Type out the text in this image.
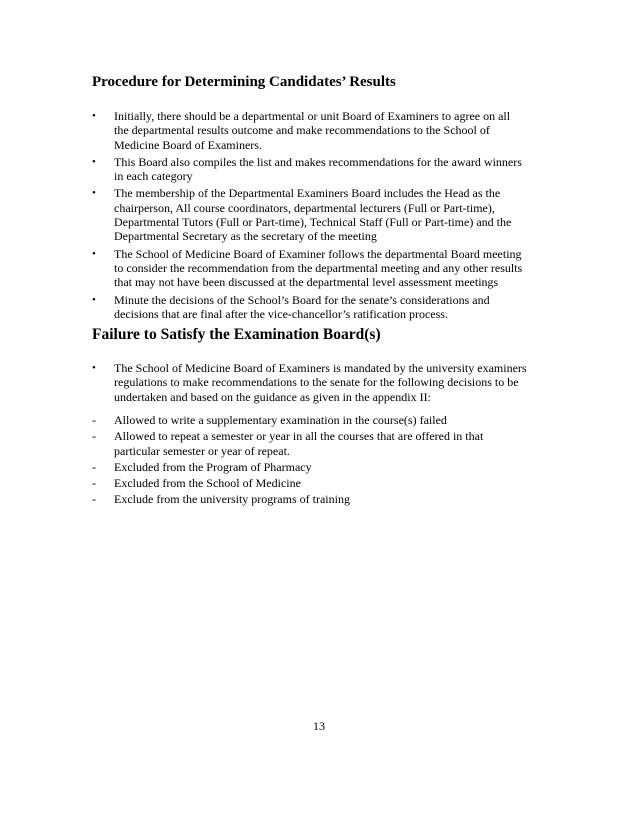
Procedure for Determining Candidates’ Results
•	Initially, there should be a departmental or unit Board of Examiners to agree on all
the departmental results outcome and make recommendations to the School of
Medicine Board of Examiners.
•	This Board also compiles the list and makes recommendations for the award winners
in each category
•	The membership of the Departmental Examiners Board includes the Head as the
chairperson, All course coordinators, departmental lecturers (Full or Part-time),
Departmental Tutors (Full or Part-time), Technical Staff (Full or Part-time) and the
Departmental Secretary as the secretary of the meeting
•	The School of Medicine Board of Examiner follows the departmental Board meeting
to consider the recommendation from the departmental meeting and any other results
that may not have been discussed at the departmental level assessment meetings
•	Minute the decisions of the School’s Board for the senate’s considerations and
decisions that are final after the vice-chancellor’s ratification process.
Failure to Satisfy the Examination Board(s)
•	The School of Medicine Board of Examiners is mandated by the university examiners
regulations to make recommendations to the senate for the following decisions to be
undertaken and based on the guidance as given in the appendix II:
-	Allowed to write a supplementary examination in the course(s) failed
-	Allowed to repeat a semester or year in all the courses that are offered in that
particular semester or year of repeat.
-	Excluded from the Program of Pharmacy
-	Excluded from the School of Medicine
-	Exclude from the university programs of training
13
